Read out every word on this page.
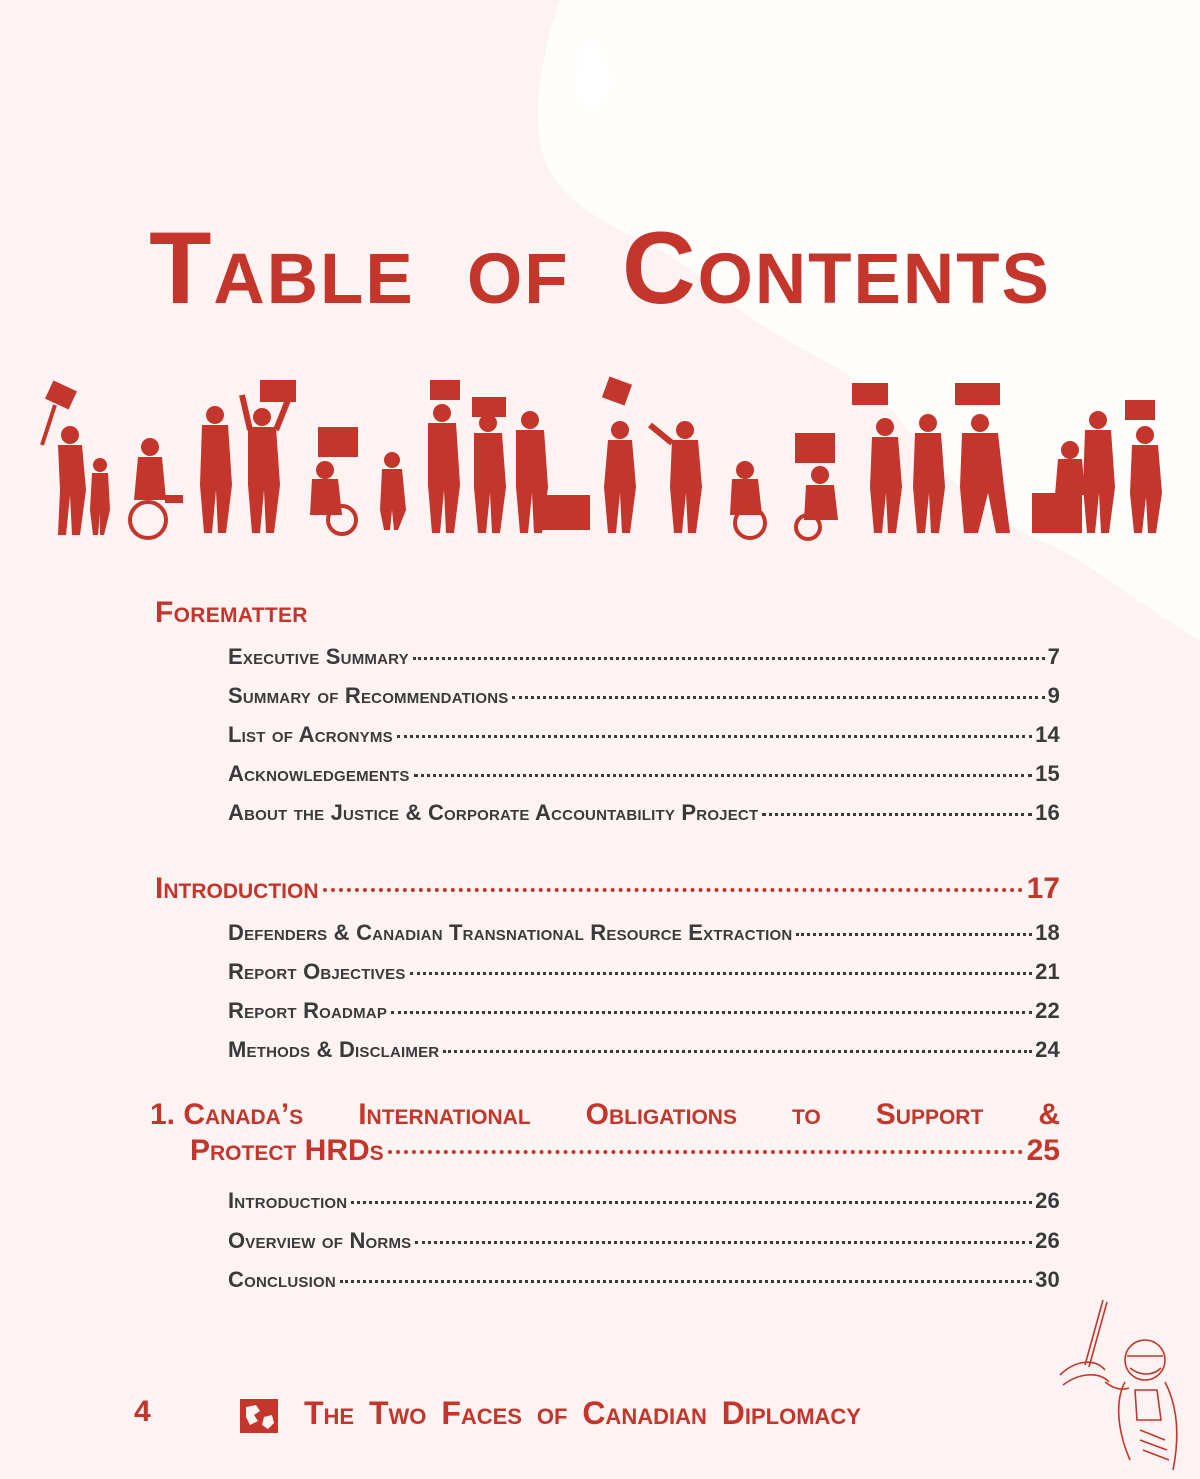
Table of Contents
Forematter
Executive Summary	7
Summary of Recommendations	9
List of Acronyms	14
Acknowledgements	15
About the Justice & Corporate Accountability Project	16
Introduction	17
Defenders & Canadian Transnational Resource Extraction	18
Report Objectives	21
Report Roadmap	22
Methods & Disclaimer	24
1. Canada’s International Obligations to Support &
Protect HRDs	25
Introduction	26
Overview of Norms	26
Conclusion	30
4	The Two Faces of Canadian Diplomacy
